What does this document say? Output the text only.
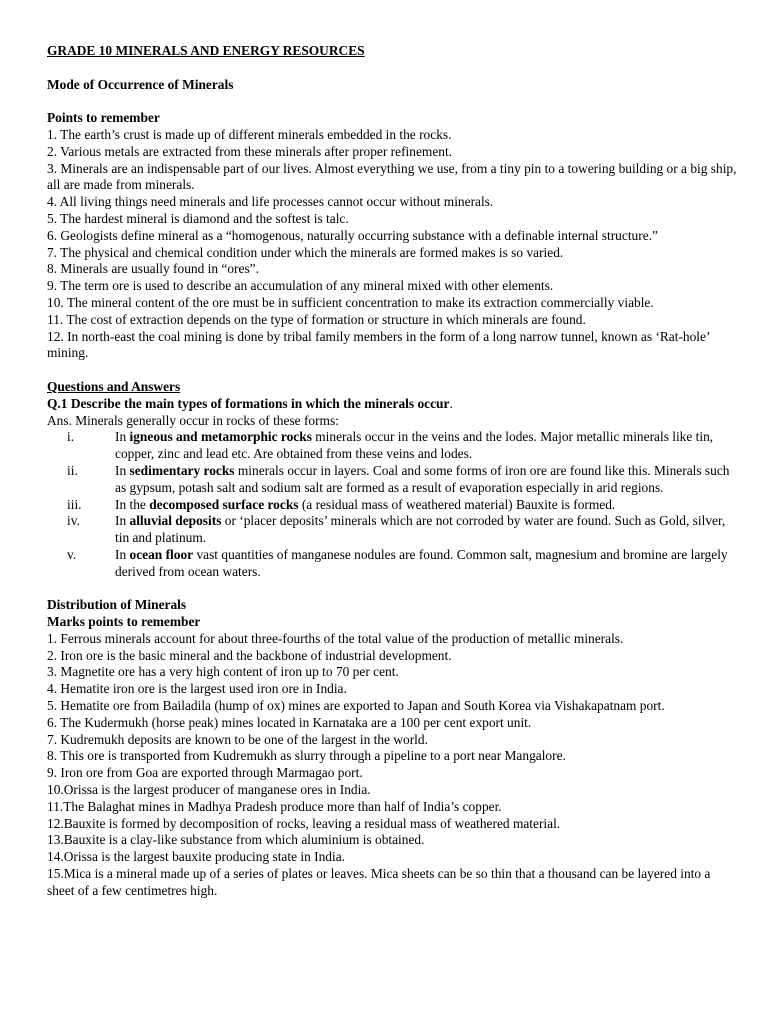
GRADE 10 MINERALS AND ENERGY RESOURCES

Mode of Occurrence of Minerals

Points to remember

1. The earth’s crust is made up of different minerals embedded in the rocks.

2. Various metals are extracted from these minerals after proper refinement.

3. Minerals are an indispensable part of our lives. Almost everything we use, from a tiny pin to a towering building or a big ship, all are made from minerals.

4. All living things need minerals and life processes cannot occur without minerals.

5. The hardest mineral is diamond and the softest is talc.

6. Geologists define mineral as a “homogenous, naturally occurring substance with a definable internal structure.”

7. The physical and chemical condition under which the minerals are formed makes is so varied.

8. Minerals are usually found in “ores”.

9. The term ore is used to describe an accumulation of any mineral mixed with other elements.

10. The mineral content of the ore must be in sufficient concentration to make its extraction commercially viable.

11. The cost of extraction depends on the type of formation or structure in which minerals are found.

12. In north-east the coal mining is done by tribal family members in the form of a long narrow tunnel, known as ‘Rat-hole’ mining.

Questions and Answers

Q.1 Describe the main types of formations in which the minerals occur.

Ans. Minerals generally occur in rocks of these forms:

i.	In igneous and metamorphic rocks minerals occur in the veins and the lodes. Major metallic minerals like tin, copper, zinc and lead etc. Are obtained from these veins and lodes.
ii.	In sedimentary rocks minerals occur in layers. Coal and some forms of iron ore are found like this. Minerals such as gypsum, potash salt and sodium salt are formed as a result of evaporation especially in arid regions.
iii.	In the decomposed surface rocks (a residual mass of weathered material) Bauxite is formed.
iv.	In alluvial deposits or ‘placer deposits’ minerals which are not corroded by water are found. Such as Gold, silver, tin and platinum.
v.	In ocean floor vast quantities of manganese nodules are found. Common salt, magnesium and bromine are largely derived from ocean waters.

Distribution of Minerals

Marks points to remember

1. Ferrous minerals account for about three-fourths of the total value of the production of metallic minerals.

2. Iron ore is the basic mineral and the backbone of industrial development.

3. Magnetite ore has a very high content of iron up to 70 per cent.

4. Hematite iron ore is the largest used iron ore in India.

5. Hematite ore from Bailadila (hump of ox) mines are exported to Japan and South Korea via Vishakapatnam port.

6. The Kudermukh (horse peak) mines located in Karnataka are a 100 per cent export unit.

7. Kudremukh deposits are known to be one of the largest in the world.

8. This ore is transported from Kudremukh as slurry through a pipeline to a port near Mangalore.

9. Iron ore from Goa are exported through Marmagao port.

10.Orissa is the largest producer of manganese ores in India.

11.The Balaghat mines in Madhya Pradesh produce more than half of India’s copper.

12.Bauxite is formed by decomposition of rocks, leaving a residual mass of weathered material.

13.Bauxite is a clay-like substance from which aluminium is obtained.

14.Orissa is the largest bauxite producing state in India.

15.Mica is a mineral made up of a series of plates or leaves. Mica sheets can be so thin that a thousand can be layered into a sheet of a few centimetres high.
